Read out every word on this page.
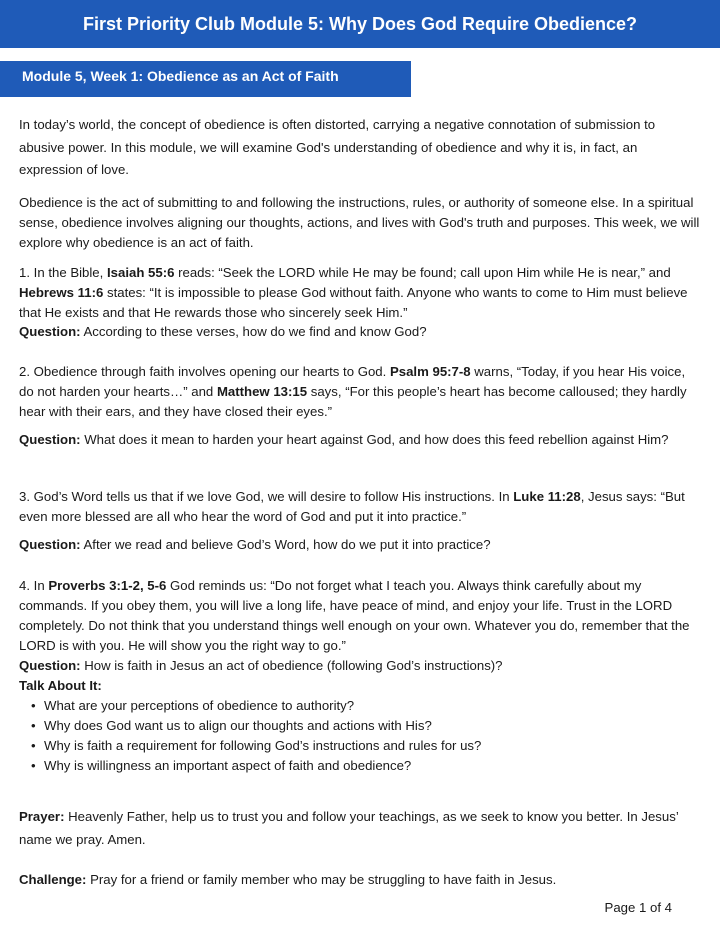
First Priority Club Module 5: Why Does God Require Obedience?
Module 5, Week 1: Obedience as an Act of Faith

In today’s world, the concept of obedience is often distorted, carrying a negative connotation of submission to abusive power. In this module, we will examine God's understanding of obedience and why it is, in fact, an expression of love.

Obedience is the act of submitting to and following the instructions, rules, or authority of someone else. In a spiritual sense, obedience involves aligning our thoughts, actions, and lives with God's truth and purposes. This week, we will explore why obedience is an act of faith.

1. In the Bible, Isaiah 55:6 reads: “Seek the LORD while He may be found; call upon Him while He is near,” and Hebrews 11:6 states: “It is impossible to please God without faith. Anyone who wants to come to Him must believe that He exists and that He rewards those who sincerely seek Him.”

Question: According to these verses, how do we find and know God?

2. Obedience through faith involves opening our hearts to God. Psalm 95:7-8 warns, “Today, if you hear His voice, do not harden your hearts…” and Matthew 13:15 says, “For this people’s heart has become calloused; they hardly hear with their ears, and they have closed their eyes.”

Question: What does it mean to harden your heart against God, and how does this feed rebellion against Him?

3. God’s Word tells us that if we love God, we will desire to follow His instructions. In Luke 11:28, Jesus says: “But even more blessed are all who hear the word of God and put it into practice.”

Question: After we read and believe God’s Word, how do we put it into practice?

4. In Proverbs 3:1-2, 5-6 God reminds us: “Do not forget what I teach you. Always think carefully about my commands. If you obey them, you will live a long life, have peace of mind, and enjoy your life. Trust in the LORD completely. Do not think that you understand things well enough on your own. Whatever you do, remember that the LORD is with you. He will show you the right way to go.”

Question: How is faith in Jesus an act of obedience (following God’s instructions)?

Talk About It:

• What are your perceptions of obedience to authority?
• Why does God want us to align our thoughts and actions with His?
• Why is faith a requirement for following God’s instructions and rules for us?
• Why is willingness an important aspect of faith and obedience?

Prayer: Heavenly Father, help us to trust you and follow your teachings, as we seek to know you better. In Jesus’ name we pray. Amen.

Challenge: Pray for a friend or family member who may be struggling to have faith in Jesus.

Page 1 of 4
